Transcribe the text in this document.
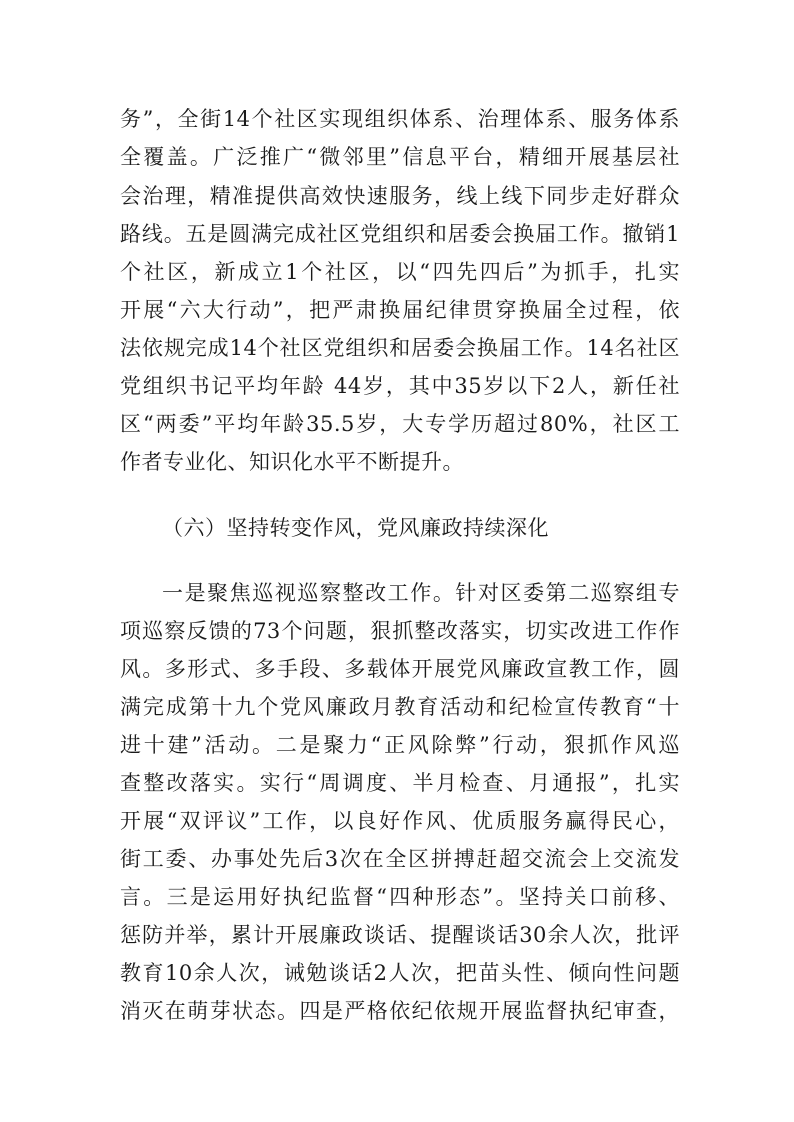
务”，全街14个社区实现组织体系、治理体系、服务体系
全覆盖。广泛推广“微邻里”信息平台，精细开展基层社
会治理，精准提供高效快速服务，线上线下同步走好群众
路线。五是圆满完成社区党组织和居委会换届工作。撤销1
个社区，新成立1个社区，以“四先四后”为抓手，扎实
开展“六大行动”，把严肃换届纪律贯穿换届全过程，依
法依规完成14个社区党组织和居委会换届工作。14名社区
党组织书记平均年龄 44岁，其中35岁以下2人，新任社
区“两委”平均年龄35.5岁，大专学历超过80%，社区工
作者专业化、知识化水平不断提升。
（六）坚持转变作风，党风廉政持续深化
一是聚焦巡视巡察整改工作。针对区委第二巡察组专
项巡察反馈的73个问题，狠抓整改落实，切实改进工作作
风。多形式、多手段、多载体开展党风廉政宣教工作，圆
满完成第十九个党风廉政月教育活动和纪检宣传教育“十
进十建”活动。二是聚力“正风除弊”行动，狠抓作风巡
查整改落实。实行“周调度、半月检查、月通报”，扎实
开展“双评议”工作，以良好作风、优质服务赢得民心，
街工委、办事处先后3次在全区拼搏赶超交流会上交流发
言。三是运用好执纪监督“四种形态”。坚持关口前移、
惩防并举，累计开展廉政谈话、提醒谈话30余人次，批评
教育10余人次，诫勉谈话2人次，把苗头性、倾向性问题
消灭在萌芽状态。四是严格依纪依规开展监督执纪审查，
